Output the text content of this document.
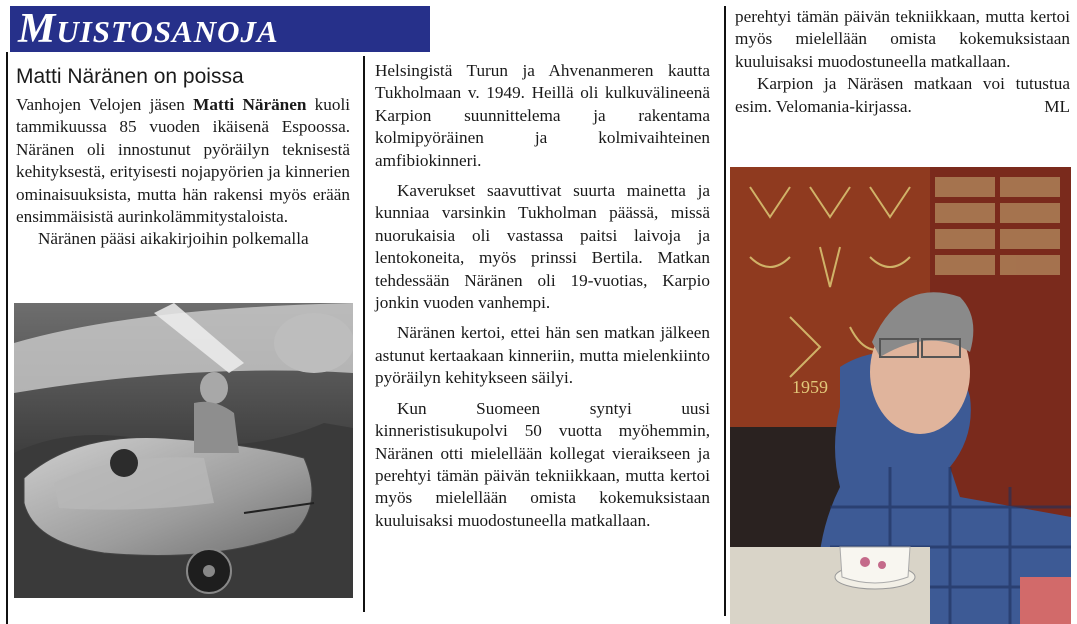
MUISTOSANOJA
Matti Näränen on poissa

Vanhojen Velojen jäsen Matti Näränen kuoli tammikuussa 85 vuoden ikäisenä Espoossa. Näränen oli innostunut pyöräilyn teknisestä kehityksestä, erityisesti nojapyörien ja kinnerien ominaisuuksista, mutta hän rakensi myös erään ensimmäisistä aurinkolämmitystaloista.

Näränen pääsi aikakirjoihin polkemalla

Helsingistä Turun ja Ahvenanmeren kautta Tukholmaan v. 1949. Heillä oli kulkuvälineenä Karpion suunnittelema ja rakentama kolmipyöräinen ja kolmivaihteinen amfibiokinneri.

Kaverukset saavuttivat suurta mainetta ja kunniaa varsinkin Tukholman päässä, missä nuorukaisia oli vastassa paitsi laivoja ja lentokoneita, myös prinssi Bertila. Matkan tehdessään Näränen oli 19-vuotias, Karpio jonkin vuoden vanhempi.

Näränen kertoi, ettei hän sen matkan jälkeen astunut kertaakaan kinneriin, mutta mielenkiinto pyöräilyn kehitykseen säilyi.

Kun Suomeen syntyi uusi kinneristisukupolvi 50 vuotta myöhemmin, Näränen otti mielellään kollegat vieraikseen ja perehtyi tämän päivän tekniikkaan, mutta kertoi myös mielellään omista kokemuksistaan kuuluisaksi muodostuneella matkallaan.

perehtyi tämän päivän tekniikkaan, mutta kertoi myös mielellään omista kokemuksistaan kuuluisaksi muodostuneella matkallaan.

Karpion ja Näräsen matkaan voi tutustua esim. Velomania-kirjassa.	ML

1959
